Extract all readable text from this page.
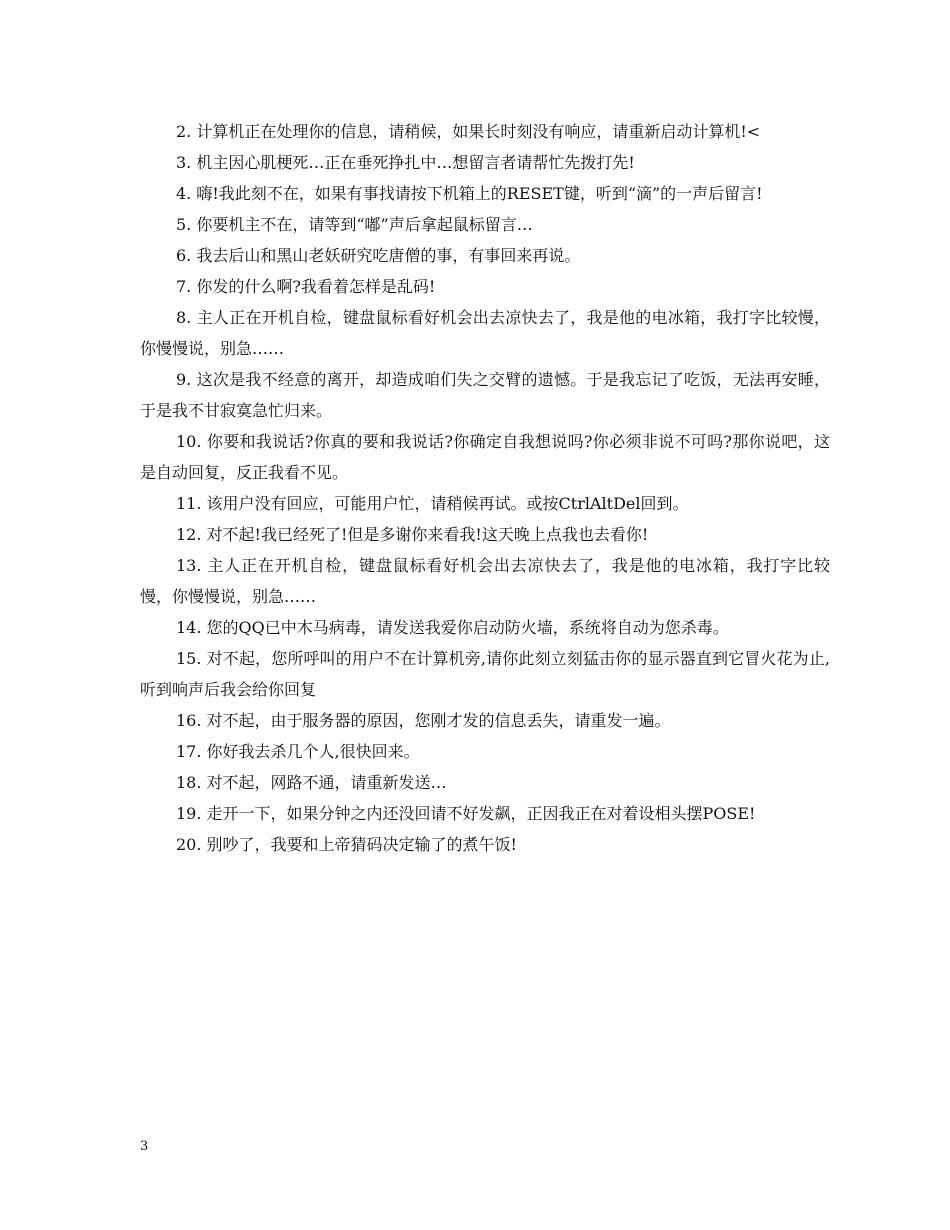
2. 计算机正在处理你的信息，请稍候，如果长时刻没有响应，请重新启动计算机!<

3. 机主因心肌梗死…正在垂死挣扎中…想留言者请帮忙先拨打先!

4. 嗨!我此刻不在，如果有事找请按下机箱上的RESET键，听到“滴”的一声后留言!

5. 你要机主不在，请等到“嘟”声后拿起鼠标留言…

6. 我去后山和黑山老妖研究吃唐僧的事，有事回来再说。

7. 你发的什么啊?我看着怎样是乱码!

8. 主人正在开机自检，键盘鼠标看好机会出去凉快去了，我是他的电冰箱，我打字比较慢，你慢慢说，别急……

9. 这次是我不经意的离开，却造成咱们失之交臂的遗憾。于是我忘记了吃饭，无法再安睡，于是我不甘寂寞急忙归来。

10. 你要和我说话?你真的要和我说话?你确定自我想说吗?你必须非说不可吗?那你说吧，这是自动回复，反正我看不见。

11. 该用户没有回应，可能用户忙，请稍候再试。或按CtrlAltDel回到。

12. 对不起!我已经死了!但是多谢你来看我!这天晚上点我也去看你!

13. 主人正在开机自检，键盘鼠标看好机会出去凉快去了，我是他的电冰箱，我打字比较慢，你慢慢说，别急……

14. 您的QQ已中木马病毒，请发送我爱你启动防火墙，系统将自动为您杀毒。

15. 对不起，您所呼叫的用户不在计算机旁,请你此刻立刻猛击你的显示器直到它冒火花为止,听到响声后我会给你回复

16. 对不起，由于服务器的原因，您刚才发的信息丢失，请重发一遍。

17. 你好我去杀几个人,很快回来。

18. 对不起，网路不通，请重新发送…

19. 走开一下，如果分钟之内还没回请不好发飙，正因我正在对着设相头摆POSE!

20. 别吵了，我要和上帝猜码决定输了的煮午饭!

3
